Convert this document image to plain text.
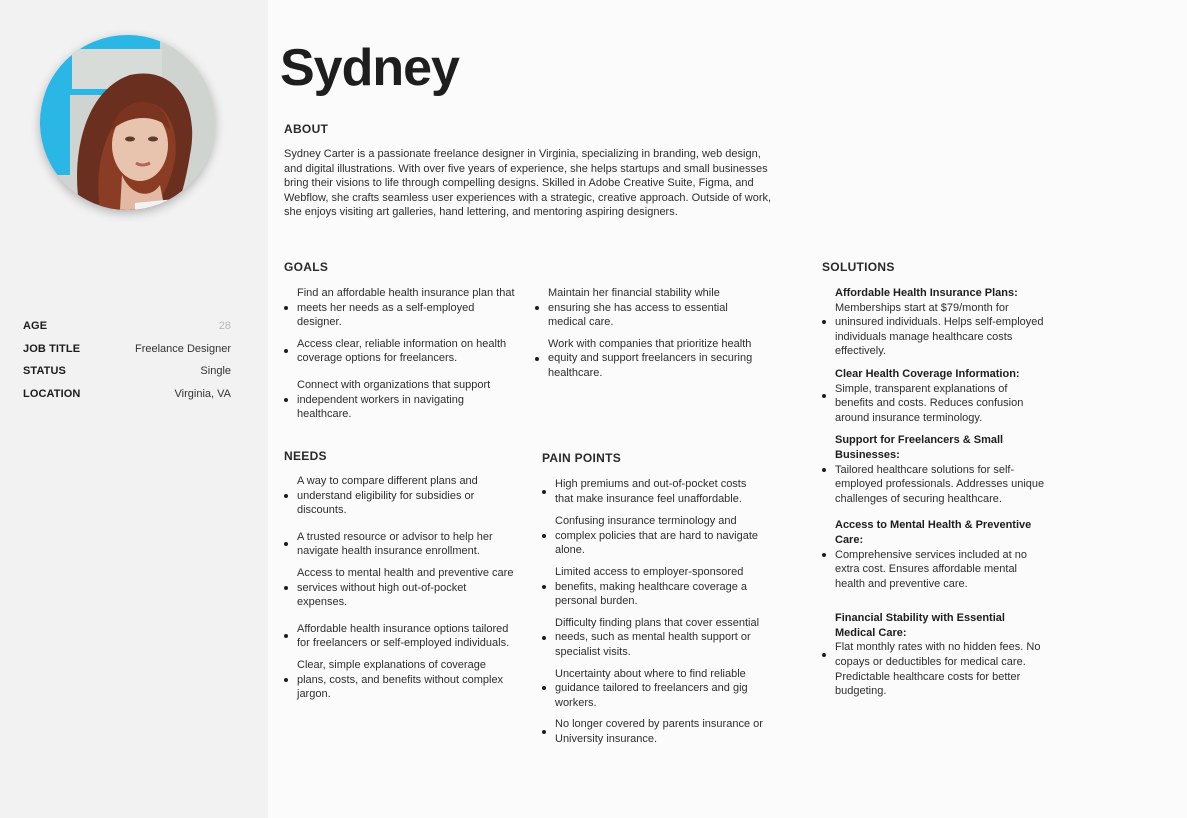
AGE	28
JOB TITLE	Freelance Designer
STATUS	Single
LOCATION	Virginia, VA
Sydney
ABOUT

Sydney Carter is a passionate freelance designer in Virginia, specializing in branding, web design, and digital illustrations. With over five years of experience, she helps startups and small businesses bring their visions to life through compelling designs. Skilled in Adobe Creative Suite, Figma, and Webflow, she crafts seamless user experiences with a strategic, creative approach. Outside of work, she enjoys visiting art galleries, hand lettering, and mentoring aspiring designers.

GOALS
Find an affordable health insurance plan that meets her needs as a self-employed designer.
Access clear, reliable information on health coverage options for freelancers.
Connect with organizations that support independent workers in navigating healthcare.
Maintain her financial stability while ensuring she has access to essential medical care.
Work with companies that prioritize health equity and support freelancers in securing healthcare.
NEEDS
A way to compare different plans and understand eligibility for subsidies or discounts.
A trusted resource or advisor to help her navigate health insurance enrollment.
Access to mental health and preventive care services without high out-of-pocket expenses.
Affordable health insurance options tailored for freelancers or self-employed individuals.
Clear, simple explanations of coverage plans, costs, and benefits without complex jargon.
PAIN POINTS
High premiums and out-of-pocket costs that make insurance feel unaffordable.
Confusing insurance terminology and complex policies that are hard to navigate alone.
Limited access to employer-sponsored benefits, making healthcare coverage a personal burden.
Difficulty finding plans that cover essential needs, such as mental health support or specialist visits.
Uncertainty about where to find reliable guidance tailored to freelancers and gig workers.
No longer covered by parents insurance or University insurance.
SOLUTIONS
Affordable Health Insurance Plans:
Memberships start at $79/month for uninsured individuals. Helps self-employed individuals manage healthcare costs effectively.
Clear Health Coverage Information:
Simple, transparent explanations of benefits and costs. Reduces confusion around insurance terminology.
Support for Freelancers & Small Businesses:
Tailored healthcare solutions for self-employed professionals. Addresses unique challenges of securing healthcare.
Access to Mental Health & Preventive Care:
Comprehensive services included at no extra cost. Ensures affordable mental health and preventive care.
Financial Stability with Essential Medical Care:
Flat monthly rates with no hidden fees. No copays or deductibles for medical care. Predictable healthcare costs for better budgeting.
